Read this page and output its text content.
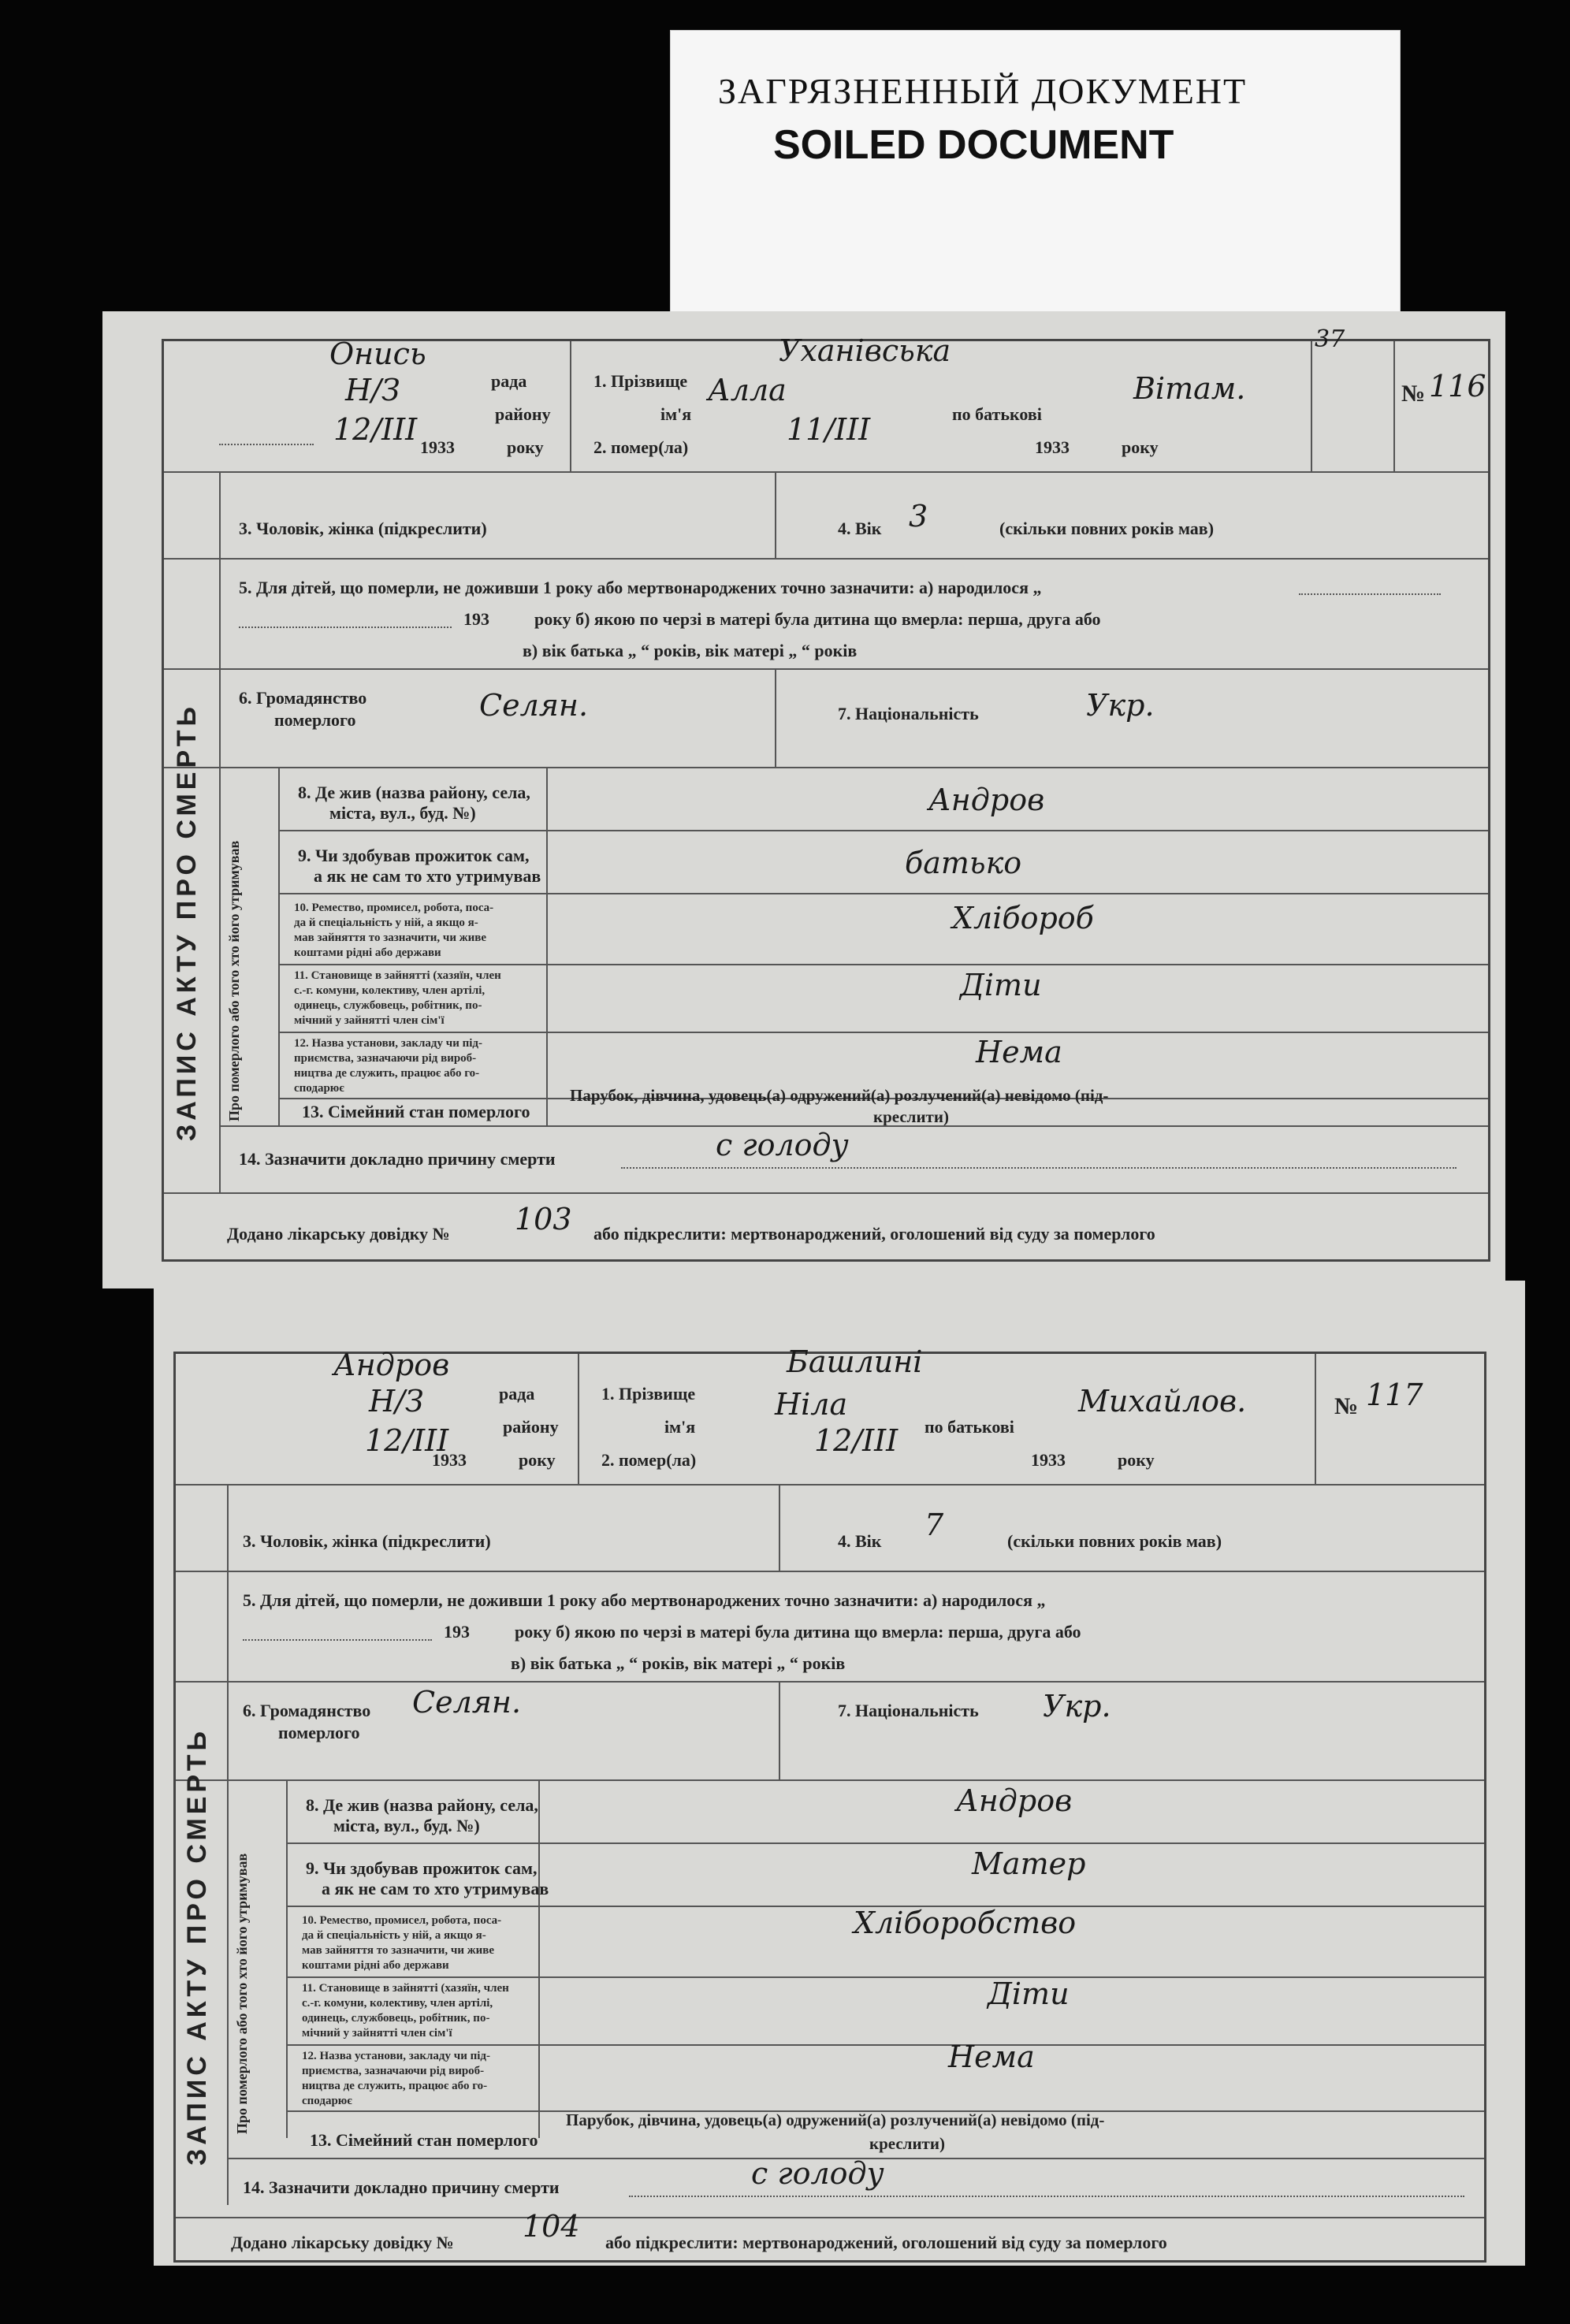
ЗАГРЯЗНЕННЫЙ ДОКУМЕНТ
SOILED DOCUMENT
Онись
рада
Н/З
району
12/III
1933	року
1. Прізвище
Уханівська
ім'я
Алла
по батькові
Вітам.
2. помер(ла)
11/III
1933	року
37
№ 116
3. Чоловік, жінка (підкреслити)	4. Вік 3	(скільки повних років мав)
5. Для дітей, що померли, не доживши 1 року або мертвонароджених точно зазначити: а) народилося „
193	року б) якою по черзі в матері була дитина що вмерла: перша, друга або
в) вік батька „ “ років, вік матері „ “ років
6. Громадянство
померлого	Селян.	7. Національність	Укр.
Про померлого або того хто його утримував
8. Де жив (назва району, села,
міста, вул., буд. №)	Андров
9. Чи здобував прожиток сам,
а як не сам то хто утримував	батько
10. Ремество, промисел, робота, поса-
да й спеціальність у ній, а якщо я-
мав зайняття то зазначити, чи живе
коштами рідні або держави
Хлібороб
11. Становище в зайнятті (хазяїн, член
с.-г. комуни, колективу, член артілі,
одинець, службовець, робітник, по-
мічний у зайнятті член сім'ї
Діти
12. Назва установи, закладу чи під-
приємства, зазначаючи рід вироб-
ництва де служить, працює або го-
сподарює
Нема
13. Сімейний стан померлого
Парубок, дівчина, удовець(а) одружений(а) розлучений(а) невідомо (під-
креслити)
14. Зазначити докладно причину смерти	с голоду
Додано лікарську довідку № 103 або підкреслити: мертвонароджений, оголошений від суду за померлого
ЗАПИС АКТУ ПРО СМЕРТЬ
Андров
рада
Н/З
району
12/III
1933	року
1. Прізвище
Башлині
ім'я
Ніла
по батькові
Михайлов.
2. помер(ла)
12/III
1933	року
№ 117
3. Чоловік, жінка (підкреслити)	4. Вік 7	(скільки повних років мав)
5. Для дітей, що померли, не доживши 1 року або мертвонароджених точно зазначити: а) народилося „
193	року б) якою по черзі в матері була дитина що вмерла: перша, друга або
в) вік батька „ “ років, вік матері „ “ років
6. Громадянство
померлого
Селян.	7. Національність Укр.
Про померлого або того хто його утримував
8. Де жив (назва району, села,
міста, вул., буд. №)
Андров
9. Чи здобував прожиток сам,
а як не сам то хто утримував
Матер
10. Ремество, промисел, робота, поса-
да й спеціальність у ній, а якщо я-
мав зайняття то зазначити, чи живе
коштами рідні або держави
Хліборобство
11. Становище в зайнятті (хазяїн, член
с.-г. комуни, колективу, член артілі,
одинець, службовець, робітник, по-
мічний у зайнятті член сім'ї
Діти
12. Назва установи, закладу чи під-
приємства, зазначаючи рід вироб-
ництва де служить, працює або го-
сподарює
Нема
13. Сімейний стан померлого
Парубок, дівчина, удовець(а) одружений(а) розлучений(а) невідомо (під-
креслити)
14. Зазначити докладно причину смерти	с голоду
Додано лікарську довідку № 104 або підкреслити: мертвонароджений, оголошений від суду за померлого
ЗАПИС АКТУ ПРО СМЕРТЬ
